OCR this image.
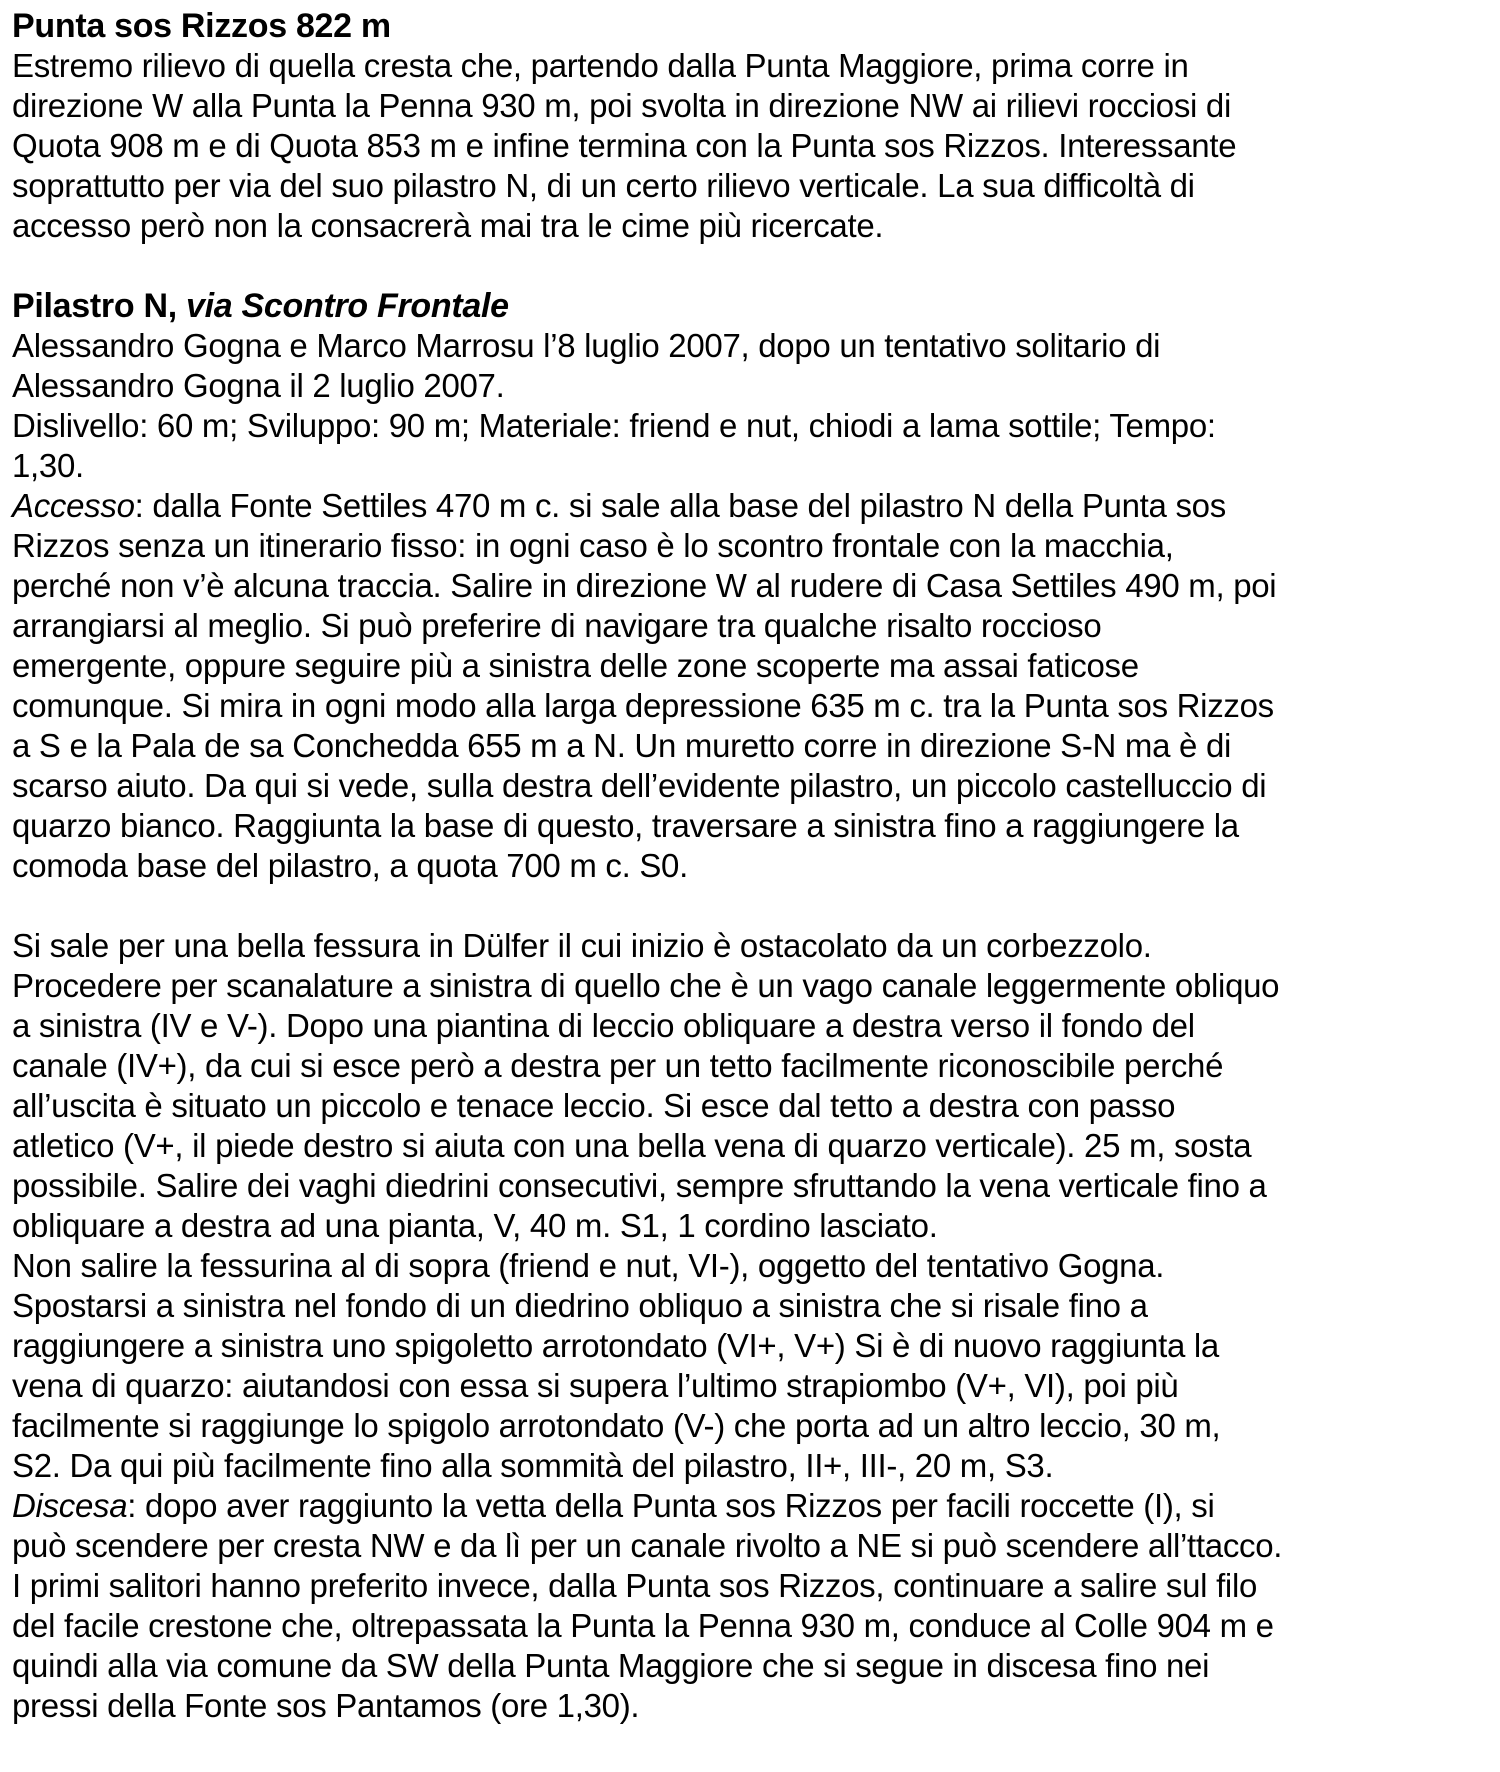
Punta sos Rizzos 822 m
Estremo rilievo di quella cresta che, partendo dalla Punta Maggiore, prima corre in
direzione W alla Punta la Penna 930 m, poi svolta in direzione NW ai rilievi rocciosi di
Quota 908 m e di Quota 853 m e infine termina con la Punta sos Rizzos. Interessante
soprattutto per via del suo pilastro N, di un certo rilievo verticale. La sua difficoltà di
accesso però non la consacrerà mai tra le cime più ricercate.
Pilastro N, via Scontro Frontale
Alessandro Gogna e Marco Marrosu l’8 luglio 2007, dopo un tentativo solitario di
Alessandro Gogna il 2 luglio 2007.
Dislivello: 60 m; Sviluppo: 90 m; Materiale: friend e nut, chiodi a lama sottile; Tempo:
1,30.
Accesso: dalla Fonte Settiles 470 m c. si sale alla base del pilastro N della Punta sos
Rizzos senza un itinerario fisso: in ogni caso è lo scontro frontale con la macchia,
perché non v’è alcuna traccia. Salire in direzione W al rudere di Casa Settiles 490 m, poi
arrangiarsi al meglio. Si può preferire di navigare tra qualche risalto roccioso
emergente, oppure seguire più a sinistra delle zone scoperte ma assai faticose
comunque. Si mira in ogni modo alla larga depressione 635 m c. tra la Punta sos Rizzos
a S e la Pala de sa Conchedda 655 m a N. Un muretto corre in direzione S-N ma è di
scarso aiuto. Da qui si vede, sulla destra dell’evidente pilastro, un piccolo castelluccio di
quarzo bianco. Raggiunta la base di questo, traversare a sinistra fino a raggiungere la
comoda base del pilastro, a quota 700 m c. S0.
Si sale per una bella fessura in Dülfer il cui inizio è ostacolato da un corbezzolo.
Procedere per scanalature a sinistra di quello che è un vago canale leggermente obliquo
a sinistra (IV e V-). Dopo una piantina di leccio obliquare a destra verso il fondo del
canale (IV+), da cui si esce però a destra per un tetto facilmente riconoscibile perché
all’uscita è situato un piccolo e tenace leccio. Si esce dal tetto a destra con passo
atletico (V+, il piede destro si aiuta con una bella vena di quarzo verticale). 25 m, sosta
possibile. Salire dei vaghi diedrini consecutivi, sempre sfruttando la vena verticale fino a
obliquare a destra ad una pianta, V, 40 m. S1, 1 cordino lasciato.
Non salire la fessurina al di sopra (friend e nut, VI-), oggetto del tentativo Gogna.
Spostarsi a sinistra nel fondo di un diedrino obliquo a sinistra che si risale fino a
raggiungere a sinistra uno spigoletto arrotondato (VI+, V+) Si è di nuovo raggiunta la
vena di quarzo: aiutandosi con essa si supera l’ultimo strapiombo (V+, VI), poi più
facilmente si raggiunge lo spigolo arrotondato (V-) che porta ad un altro leccio, 30 m,
S2. Da qui più facilmente fino alla sommità del pilastro, II+, III-, 20 m, S3.
Discesa: dopo aver raggiunto la vetta della Punta sos Rizzos per facili roccette (I), si
può scendere per cresta NW e da lì per un canale rivolto a NE si può scendere all’ttacco.
I primi salitori hanno preferito invece, dalla Punta sos Rizzos, continuare a salire sul filo
del facile crestone che, oltrepassata la Punta la Penna 930 m, conduce al Colle 904 m e
quindi alla via comune da SW della Punta Maggiore che si segue in discesa fino nei
pressi della Fonte sos Pantamos (ore 1,30).
